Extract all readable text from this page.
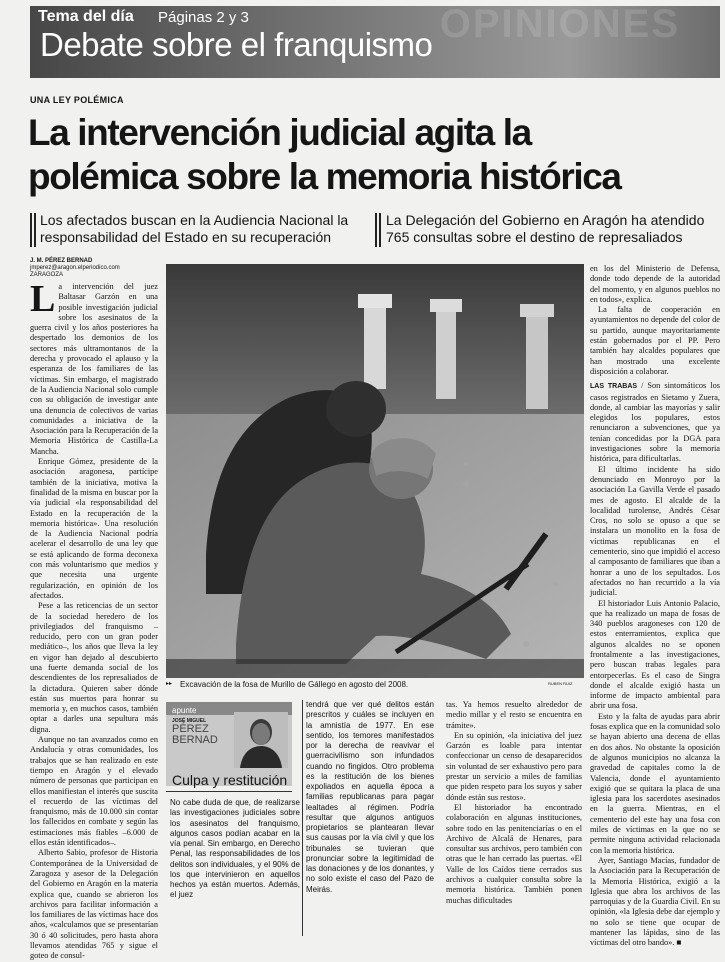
OPINIONES
Tema del día Páginas 2 y 3
Debate sobre el franquismo
UNA LEY POLÉMICA
La intervención judicial agita la
polémica sobre la memoria histórica
Los afectados buscan en la Audiencia Nacional la
responsabilidad del Estado en su recuperación
La Delegación del Gobierno en Aragón ha atendido
765 consultas sobre el destino de represaliados
J. M. PÉREZ BERNAD
jmperez@aragon.elperiodico.com
ZARAGOZA
▸▸ Excavación de la fosa de Murillo de Gállego en agosto del 2008.	RUBEN RUIZ

La intervención del juez Baltasar Garzón en una posible investigación judicial sobre los asesinatos de la guerra civil y los años posteriores ha despertado los demonios de los sectores más ultramontanos de la derecha y provocado el aplauso y la esperanza de los familiares de las víctimas. Sin embargo, el magistrado de la Audiencia Nacional solo cumple con su obligación de investigar ante una denuncia de colectivos de varias comunidades a iniciativa de la Asociación para la Recuperación de la Memoria Histórica de Castilla-La Mancha.

Enrique Gómez, presidente de la asociación aragonesa, partícipe también de la iniciativa, motiva la finalidad de la misma en buscar por la vía judicial «la responsabilidad del Estado en la recuperación de la memoria histórica». Una resolución de la Audiencia Nacional podría acelerar el desarrollo de una ley que se está aplicando de forma deconexa con más voluntarismo que medios y que necesita una urgente regularización, en opinión de los afectados.

Pese a las reticencias de un sector de la sociedad heredero de los privilegiados del franquismo –reducido, pero con un gran poder mediático–, los años que lleva la ley en vigor han dejado al descubierto una fuerte demanda social de los descendientes de los represaliados de la dictadura. Quieren saber dónde están sus muertos para honrar su memoria y, en muchos casos, también optar a darles una sepultura más digna.

Aunque no tan avanzados como en Andalucía y otras comunidades, los trabajos que se han realizado en este tiempo en Aragón y el elevado número de personas que participan en ellos manifiestan el interés que suscita el recuerdo de las víctimas del franquismo, más de 10.000 sin contar los fallecidos en combate y según las estimaciones más fiables –6.000 de ellos están identificados–.

Alberto Sabio, profesor de Historia Contemporánea de la Universidad de Zaragoza y asesor de la Delegación del Gobierno en Aragón en la materia explica que, cuando se abrieron los archivos para facilitar información a los familiares de las víctimas hace dos años, «calculamos que se presentarían 30 ó 40 solicitudes, pero hasta ahora llevamos atendidas 765 y sigue el goteo de consul-

apunte
JOSÉ MIGUEL
PÉREZ
BERNAD
Culpa y restitución

No cabe duda de que, de realizarse las investigaciones judiciales sobre los asesinatos del franquismo, algunos casos podían acabar en la vía penal. Sin embargo, en Derecho Penal, las responsabilidades de los delitos son individuales, y el 90% de los que intervinieron en aquellos hechos ya están muertos. Además, el juez

tendrá que ver qué delitos están prescritos y cuáles se incluyen en la amnistía de 1977. En ese sentido, los temores manifestados por la derecha de reavivar el guerracivilismo son infundados cuando no fingidos. Otro problema es la restitución de los bienes expoliados en aquella época a familias republicanas para pagar lealtades al régimen. Podría resultar que algunos antiguos propietarios se plantearan llevar sus causas por la vía civil y que los tribunales se tuvieran que pronunciar sobre la legitimidad de las donaciones y de los donantes, y no solo existe el caso del Pazo de Meirás.

tas. Ya hemos resuelto alrededor de medio millar y el resto se encuentra en trámite».

En su opinión, «la iniciativa del juez Garzón es loable para intentar confeccionar un censo de desaparecidos sin voluntad de ser exhaustivo pero para prestar un servicio a miles de familias que piden respeto para los suyos y saber dónde están sus restos».

El historiador ha encontrado colaboración en algunas instituciones, sobre todo en las penitenciarías o en el Archivo de Alcalá de Henares, para consultar sus archivos, pero también con otras que le han cerrado las puertas. «El Valle de los Caídos tiene cerrados sus archivos a cualquier consulta sobre la memoria histórica. También ponen muchas dificultades

en los del Ministerio de Defensa, donde todo depende de la autoridad del momento, y en algunos pueblos no en todos», explica.

La falta de cooperación en ayuntamientos no depende del color de su partido, aunque mayoritariamente están gobernados por el PP. Pero también hay alcaldes populares que han mostrado una excelente disposición a colaborar.

LAS TRABAS / Son sintomáticos los casos registrados en Sietamo y Zuera, donde, al cambiar las mayorías y salir elegidos los populares, estos renunciaron a subvenciones, que ya tenían concedidas por la DGA para investigaciones sobre la memoria histórica, para dificultarlas.

El último incidente ha sido denunciado en Monroyo por la asociación La Gavilla Verde el pasado mes de agosto. El alcalde de la localidad turolense, Andrés César Cros, no solo se opuso a que se instalara un monolito en la fosa de víctimas republicanas en el cementerio, sino que impidió el acceso al camposanto de familiares que iban a honrar a uno de los sepultados. Los afectados no han recurrido a la vía judicial.

El historiador Luis Antonio Palacio, que ha realizado un mapa de fosas de 340 pueblos aragoneses con 120 de estos enterramientos, explica que algunos alcaldes no se oponen frontalmente a las investigaciones, pero buscan trabas legales para entorpecerlas. Es el caso de Singra donde el alcalde exigió hasta un informe de impacto ambiental para abrir una fosa.

Esto y la falta de ayudas para abrir fosas explica que en la comunidad solo se hayan abierto una decena de ellas en dos años. No obstante la oposición de algunos municipios no alcanza la gravedad de capitales como la de Valencia, donde el ayuntamiento exigió que se quitara la placa de una iglesia para los sacerdotes asesinados en la guerra. Mientras, en el cementerio del este hay una fosa con miles de víctimas en la que no se permite ninguna actividad relacionada con la memoria histórica.

Ayer, Santiago Macías, fundador de la Asociación para la Recuperación de la Memoria Histórica, exigió a la Iglesia que abra los archivos de las parroquias y de la Guardia Civil. En su opinión, «la Iglesia debe dar ejemplo y no solo se tiene que ocupar de mantener las lápidas, sino de las víctimas del otro bando». ■
